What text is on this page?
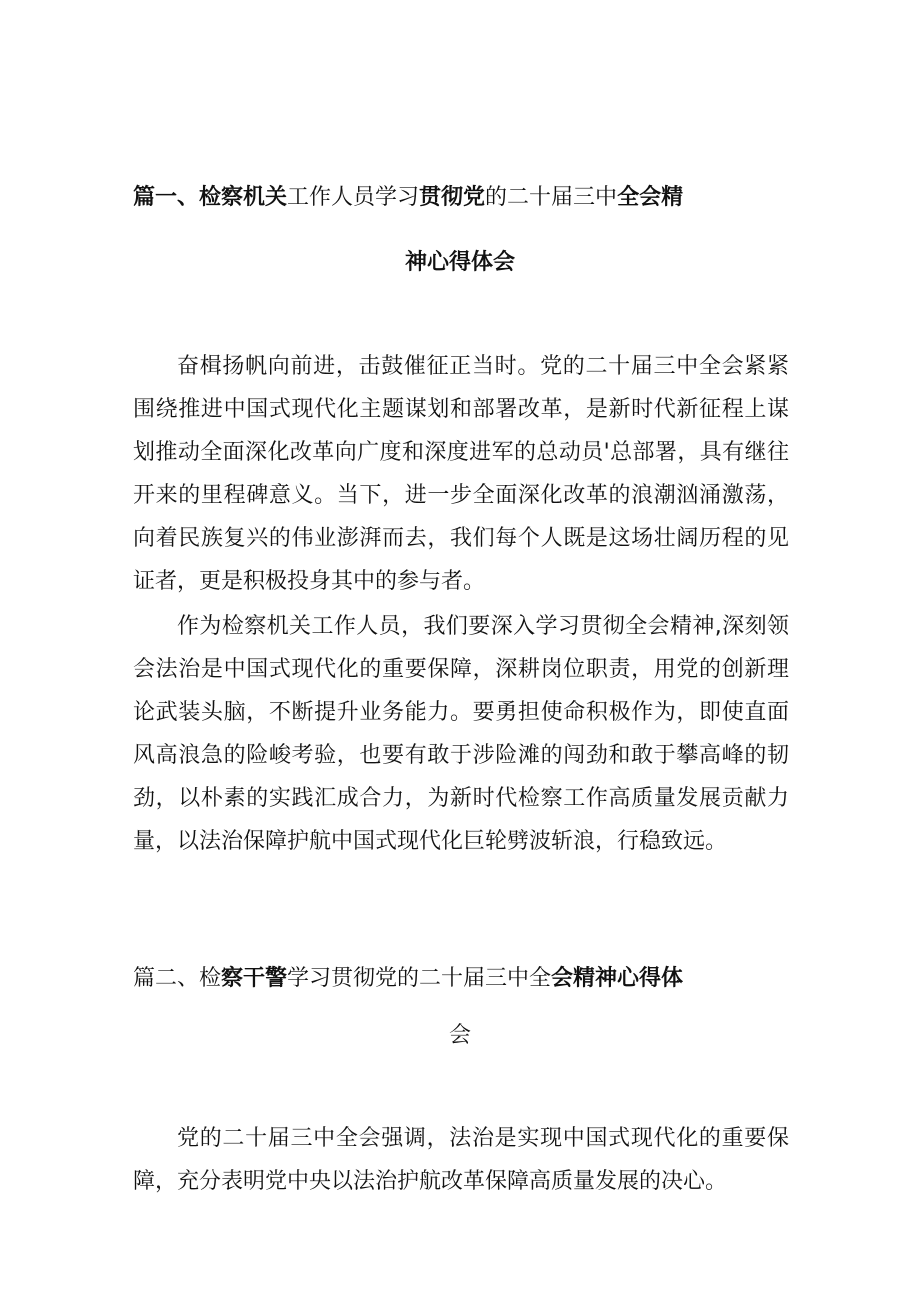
篇一、检察机关工作人员学习贯彻党的二十届三中全会精
神心得体会

奋楫扬帆向前进，击鼓催征正当时。党的二十届三中全会紧紧围绕推进中国式现代化主题谋划和部署改革，是新时代新征程上谋划推动全面深化改革向广度和深度进军的总动员'总部署，具有继往开来的里程碑意义。当下，进一步全面深化改革的浪潮汹涌激荡，向着民族复兴的伟业澎湃而去，我们每个人既是这场壮阔历程的见证者，更是积极投身其中的参与者。

作为检察机关工作人员，我们要深入学习贯彻全会精神,深刻领会法治是中国式现代化的重要保障，深耕岗位职责，用党的创新理论武装头脑，不断提升业务能力。要勇担使命积极作为，即使直面风高浪急的险峻考验，也要有敢于涉险滩的闯劲和敢于攀高峰的韧劲，以朴素的实践汇成合力，为新时代检察工作高质量发展贡献力量，以法治保障护航中国式现代化巨轮劈波斩浪，行稳致远。

篇二、检察干警学习贯彻党的二十届三中全会精神心得体
会

党的二十届三中全会强调，法治是实现中国式现代化的重要保障，充分表明党中央以法治护航改革保障高质量发展的决心。
